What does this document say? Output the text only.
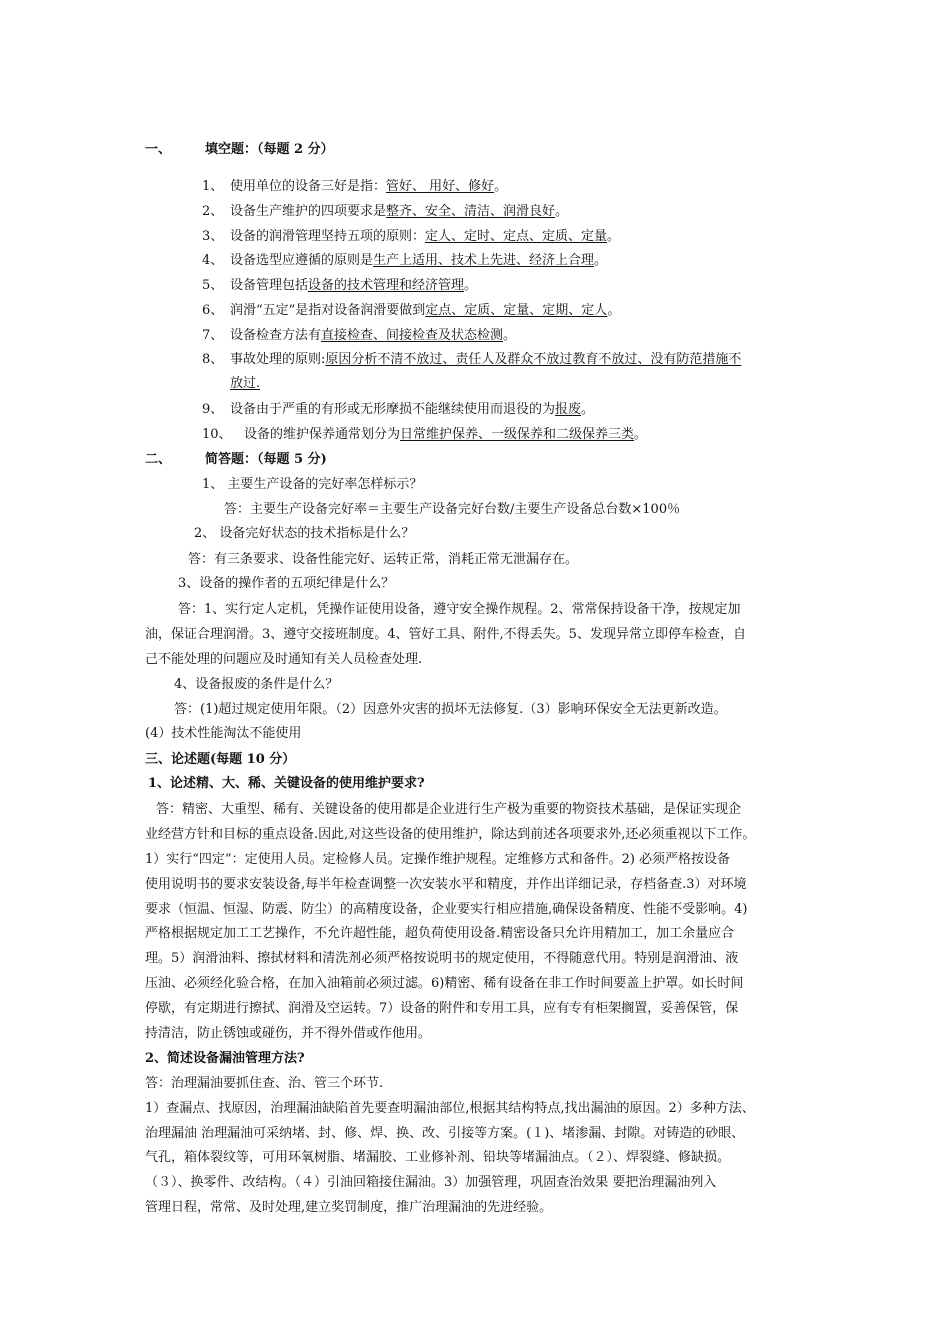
一、	填空题：（每题 2 分）
1、 使用单位的设备三好是指：管好、 用好、修好。
2、 设备生产维护的四项要求是整齐、安全、清洁、润滑良好。
3、 设备的润滑管理坚持五项的原则：定人、定时、定点、定质、定量。
4、 设备选型应遵循的原则是生产上适用、技术上先进、经济上合理。
5、 设备管理包括设备的技术管理和经济管理。
6、 润滑“五定”是指对设备润滑要做到定点、定质、定量、定期、定人。
7、 设备检查方法有直接检查、间接检查及状态检测。
8、 事故处理的原则:原因分析不清不放过、责任人及群众不放过教育不放过、没有防范措施不
放过.
9、 设备由于严重的有形或无形摩损不能继续使用而退役的为报废。
10、 设备的维护保养通常划分为日常维护保养、一级保养和二级保养三类。
二、	简答题：（每题 5 分)
1、 主要生产设备的完好率怎样标示？
答：主要生产设备完好率＝主要生产设备完好台数/主要生产设备总台数×100％
2、 设备完好状态的技术指标是什么？
答：有三条要求、设备性能完好、运转正常，消耗正常无泄漏存在。
3、设备的操作者的五项纪律是什么？
答：1、实行定人定机，凭操作证使用设备，遵守安全操作规程。2、常常保持设备干净，按规定加
油，保证合理润滑。3、遵守交接班制度。4、管好工具、附件,不得丢失。5、发现异常立即停车检查，自
己不能处理的问题应及时通知有关人员检查处理.
4、设备报废的条件是什么？
答：(1)超过规定使用年限。（2）因意外灾害的损坏无法修复.（3）影响环保安全无法更新改造。
(4）技术性能淘汰不能使用
三、论述题(每题 10 分）
1、论述精、大、稀、关键设备的使用维护要求?
答：精密、大重型、稀有、关键设备的使用都是企业进行生产极为重要的物资技术基础，是保证实现企
业经营方针和目标的重点设备.因此,对这些设备的使用维护，除达到前述各项要求外,还必须重视以下工作。
1）实行“四定”：定使用人员。定检修人员。定操作维护规程。定维修方式和备件。2) 必须严格按设备
使用说明书的要求安装设备,每半年检查调整一次安装水平和精度，并作出详细记录，存档备查.3）对环境
要求（恒温、恒湿、防震、防尘）的高精度设备，企业要实行相应措施,确保设备精度、性能不受影响。4)
严格根据规定加工工艺操作，不允许超性能，超负荷使用设备.精密设备只允许用精加工，加工余量应合
理。5）润滑油料、擦拭材料和清洗剂必须严格按说明书的规定使用，不得随意代用。特别是润滑油、液
压油、必须经化验合格，在加入油箱前必须过滤。6)精密、稀有设备在非工作时间要盖上护罩。如长时间
停歇，有定期进行擦拭、润滑及空运转。7）设备的附件和专用工具，应有专有柜架搁置，妥善保管，保
持清洁，防止锈蚀或碰伤，并不得外借或作他用。
2、简述设备漏油管理方法?
答：治理漏油要抓住查、治、管三个环节.
1）查漏点、找原因，治理漏油缺陷首先要查明漏油部位,根据其结构特点,找出漏油的原因。2）多种方法、
治理漏油 治理漏油可采纳堵、封、修、焊、换、改、引接等方案。(１)、堵渗漏、封隙。对铸造的砂眼、
气孔，箱体裂纹等，可用环氧树脂、堵漏胶、工业修补剂、铅块等堵漏油点。（２）、焊裂缝、修缺损。
（３）、换零件、改结构。（４）引油回箱接住漏油。3）加强管理，巩固查治效果 要把治理漏油列入
管理日程，常常、及时处理,建立奖罚制度，推广治理漏油的先进经验。
